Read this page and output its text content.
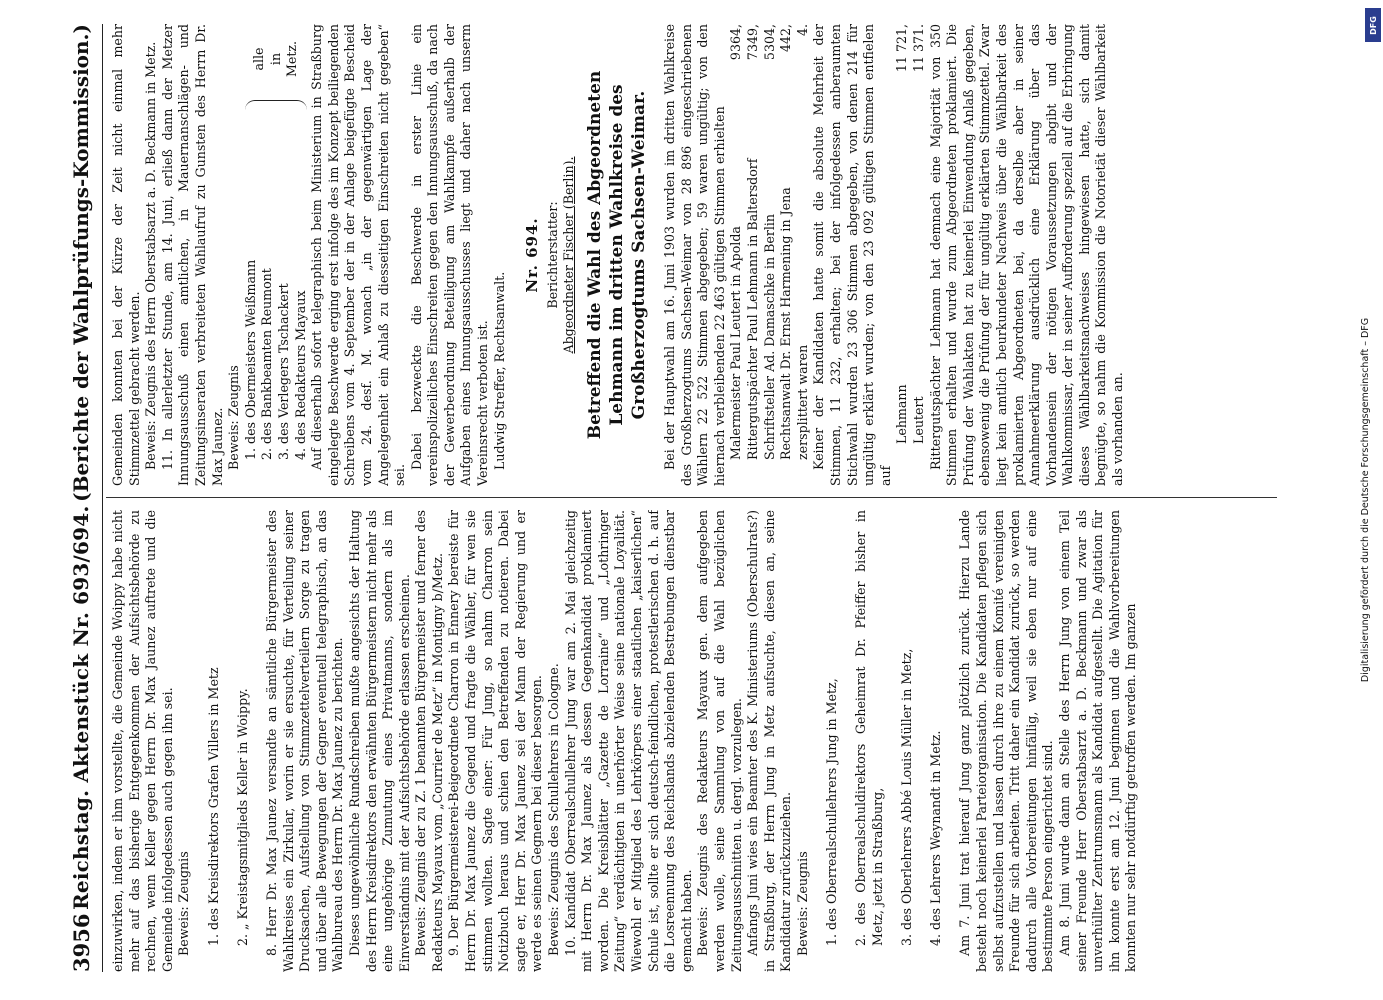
3956
Reichstag. Aktenstück Nr. 693/694.
(Berichte der Wahlprüfungs-Kommission.)

einzuwirken, indem er ihm vorstellte, die Gemeinde Woippy habe nicht mehr auf das bisherige Entgegenkommen der Aufsichtsbehörde zu rechnen, wenn Keller gegen Herrn Dr. Max Jaunez auftrete und die Gemeinde infolgedessen auch gegen ihn sei. Beweis: Zeugnis 1. des Kreisdirektors Grafen Villers in Metz 2. „ Kreistagsmitglieds Keller in Woippy. 8. Herr Dr. Max Jaunez versandte an sämtliche Bürgermeister des Wahlkreises ein Zirkular, worin er sie ersuchte, für Verteilung seiner Drucksachen, Aufstellung von Stimmzettelverteilern Sorge zu tragen und über alle Bewegungen der Gegner eventuell telegraphisch, an das Wahlbureau des Herrn Dr. Max Jaunez zu berichten. Dieses ungewöhnliche Rundschreiben mußte angesichts der Haltung des Herrn Kreisdirektors den erwähnten Bürgermeistern nicht mehr als eine ungehörige Zumutung eines Privatmanns, sondern als im Einverständnis mit der Aufsichtsbehörde erlassen erscheinen. Beweis: Zeugnis der zu Z. 1 benannten Bürgermeister und ferner des Redakteurs Mayaux vom „Courrier de Metz“ in Montigny b/Metz. 9. Der Bürgermeisterei-Beigeordnete Charron in Ennery bereiste für Herrn Dr. Max Jaunez die Gegend und fragte die Wähler, für wen sie stimmen wollten. Sagte einer: Für Jung, so nahm Charron sein Notizbuch heraus und schien den Betreffenden zu notieren. Dabei sagte er, Herr Dr. Max Jaunez sei der Mann der Regierung und er werde es seinen Gegnern bei dieser besorgen. Beweis: Zeugnis des Schullehrers in Cologne. 10. Kandidat Oberrealschullehrer Jung war am 2. Mai gleichzeitig mit Herrn Dr. Max Jaunez als dessen Gegenkandidat proklamiert worden. Die Kreisblätter „Gazette de Lorraine“ und „Lothringer Zeitung“ verdächtigten in unerhörter Weise seine nationale Loyalität. Wiewohl er Mitglied des Lehrkörpers einer staatlichen „kaiserlichen“ Schule ist, sollte er sich deutsch-feindlichen, protestlerischen d. h. auf die Losreennung des Reichslands abzielenden Bestrebungen dienstbar gemacht haben. Beweis: Zeugnis des Redakteurs Mayaux gen. dem aufgegeben werden wolle, seine Sammlung von auf die Wahl bezüglichen Zeitungsausschnitten u. dergl. vorzulegen. Anfangs Juni wies ein Beamter des K. Ministeriums (Oberschulrats?) in Straßburg, der Herrn Jung in Metz aufsuchte, diesen an, seine Kandidatur zurückzuziehen. Beweis: Zeugnis 1. des Oberrealschullehrers Jung in Metz, 2. des Oberrealschuldirektors Geheimrat Dr. Pfeiffer bisher in Metz, jetzt in Straßburg, 3. des Oberlehrers Abbé Louis Müller in Metz, 4. des Lehrers Weynandt in Metz. Am 7. Juni trat hierauf Jung ganz plötzlich zurück. Hierzu Lande besteht noch keinerlei Parteiorganisation. Die Kandidaten pflegen sich selbst aufzustellen und lassen durch ihre zu einem Komité vereinigten Freunde für sich arbeiten. Tritt daher ein Kandidat zurück, so werden dadurch alle Vorbereitungen hinfällig, weil sie eben nur auf eine bestimmte Person eingerichtet sind. Am 8. Juni wurde dann an Stelle des Herrn Jung von einem Teil seiner Freunde Herr Oberstabsarzt a. D. Beckmann und zwar als unverhüllter Zentrumsmann als Kandidat aufgestellt. Die Agitation für ihn konnte erst am 12. Juni beginnen und die Wahlvorbereitungen konnten nur sehr notdürftig getroffen werden. Im ganzen

Gemeinden konnten bei der Kürze der Zeit nicht einmal mehr Stimmzettel gebracht werden. Beweis: Zeugnis des Herrn Oberstabsarzt a. D. Beckmann in Metz. 11. In allerletzter Stunde, am 14. Juni, erließ dann der Metzer Innungsausschuß einen amtlichen, in Mauernanschlägen- und Zeitungsinseraten verbreiteten Wahlaufruf zu Gunsten des Herrn Dr. Max Jaunez. Beweis: Zeugnis 1. des Obermeisters Weißmann 2. des Bankbeamten Reumont 3. des Verlegers Tschackert 4. des Redakteurs Mayaux
alle in Metz. Auf dieserhalb sofort telegraphisch beim Ministerium in Straßburg eingelegte Beschwerde erging erst infolge des im Konzept beiliegenden Schreibens vom 4. September der in der Anlage beigefügte Bescheid vom 24. desf. M. wonach „in der gegenwärtigen Lage der Angelegenheit ein Anlaß zu diesseitigen Einschreiten nicht gegeben“ sei.

Dabei bezweckte die Beschwerde in erster Linie ein vereinspolizeiliches Einschreiten gegen den Innungsausschuß, da nach der Gewerbeordnung Beteiligung am Wahlkampfe außerhalb der Aufgaben eines Innungsausschusses liegt und daher nach unserm Vereinsrecht verboten ist. Ludwig Streffer, Rechtsanwalt.

Nr. 694. Berichterstatter: Abgeordneter Fischer (Berlin). Betreffend die Wahl des Abgeordneten Lehmann im dritten Wahlkreise des Großherzogtums Sachsen-Weimar. Bei der Hauptwahl am 16. Juni 1903 wurden im dritten Wahlkreise des Großherzogtums Sachsen-Weimar von 28 896 eingeschriebenen Wählern 22 522 Stimmen abgegeben; 59 waren ungültig; von den hiernach verbleibenden 22 463 gültigen Stimmen erhielten Malermeister Paul Leutert in Apolda
9364,
Rittergutspächter Paul Lehmann in Baltersdorf
7349,
Schriftsteller Ad. Damaschke in Berlin
5304,
Rechtsanwalt Dr. Ernst Harmening in Jena
442,
zersplittert waren
4. Keiner der Kandidaten hatte somit die absolute Mehrheit der Stimmen, 11 232, erhalten; bei der infolgedessen anberaumten Stichwahl wurden 23 306 Stimmen abgegeben, von denen 214 für ungültig erklärt wurden; von den 23 092 gültigen Stimmen entfielen auf

Lehmann
11 721,
Leutert
11 371. Rittergutspächter Lehmann hat demnach eine Majorität von 350 Stimmen erhalten und wurde zum Abgeordneten proklamiert. Die Prüfung der Wahlakten hat zu keinerlei Einwendung Anlaß gegeben, ebensowenig die Prüfung der für ungültig erklärten Stimmzettel. Zwar liegt kein amtlich beurkundeter Nachweis über die Wählbarkeit des proklamierten Abgeordneten bei, da derselbe aber in seiner Annahmeerklärung ausdrücklich eine Erklärung über das Vorhandensein der nötigen Voraussetzungen abgibt und der Wahlkommissar, der in seiner Aufforderung speziell auf die Erbringung dieses Wählbarkeitsnachweises hingewiesen hatte, sich damit begnügte, so nahm die Kommission die Notorietät dieser Wählbarkeit als vorhanden an.	Digitalisierung gefördert durch die Deutsche Forschungsgemeinschaft – DFG
DFG
